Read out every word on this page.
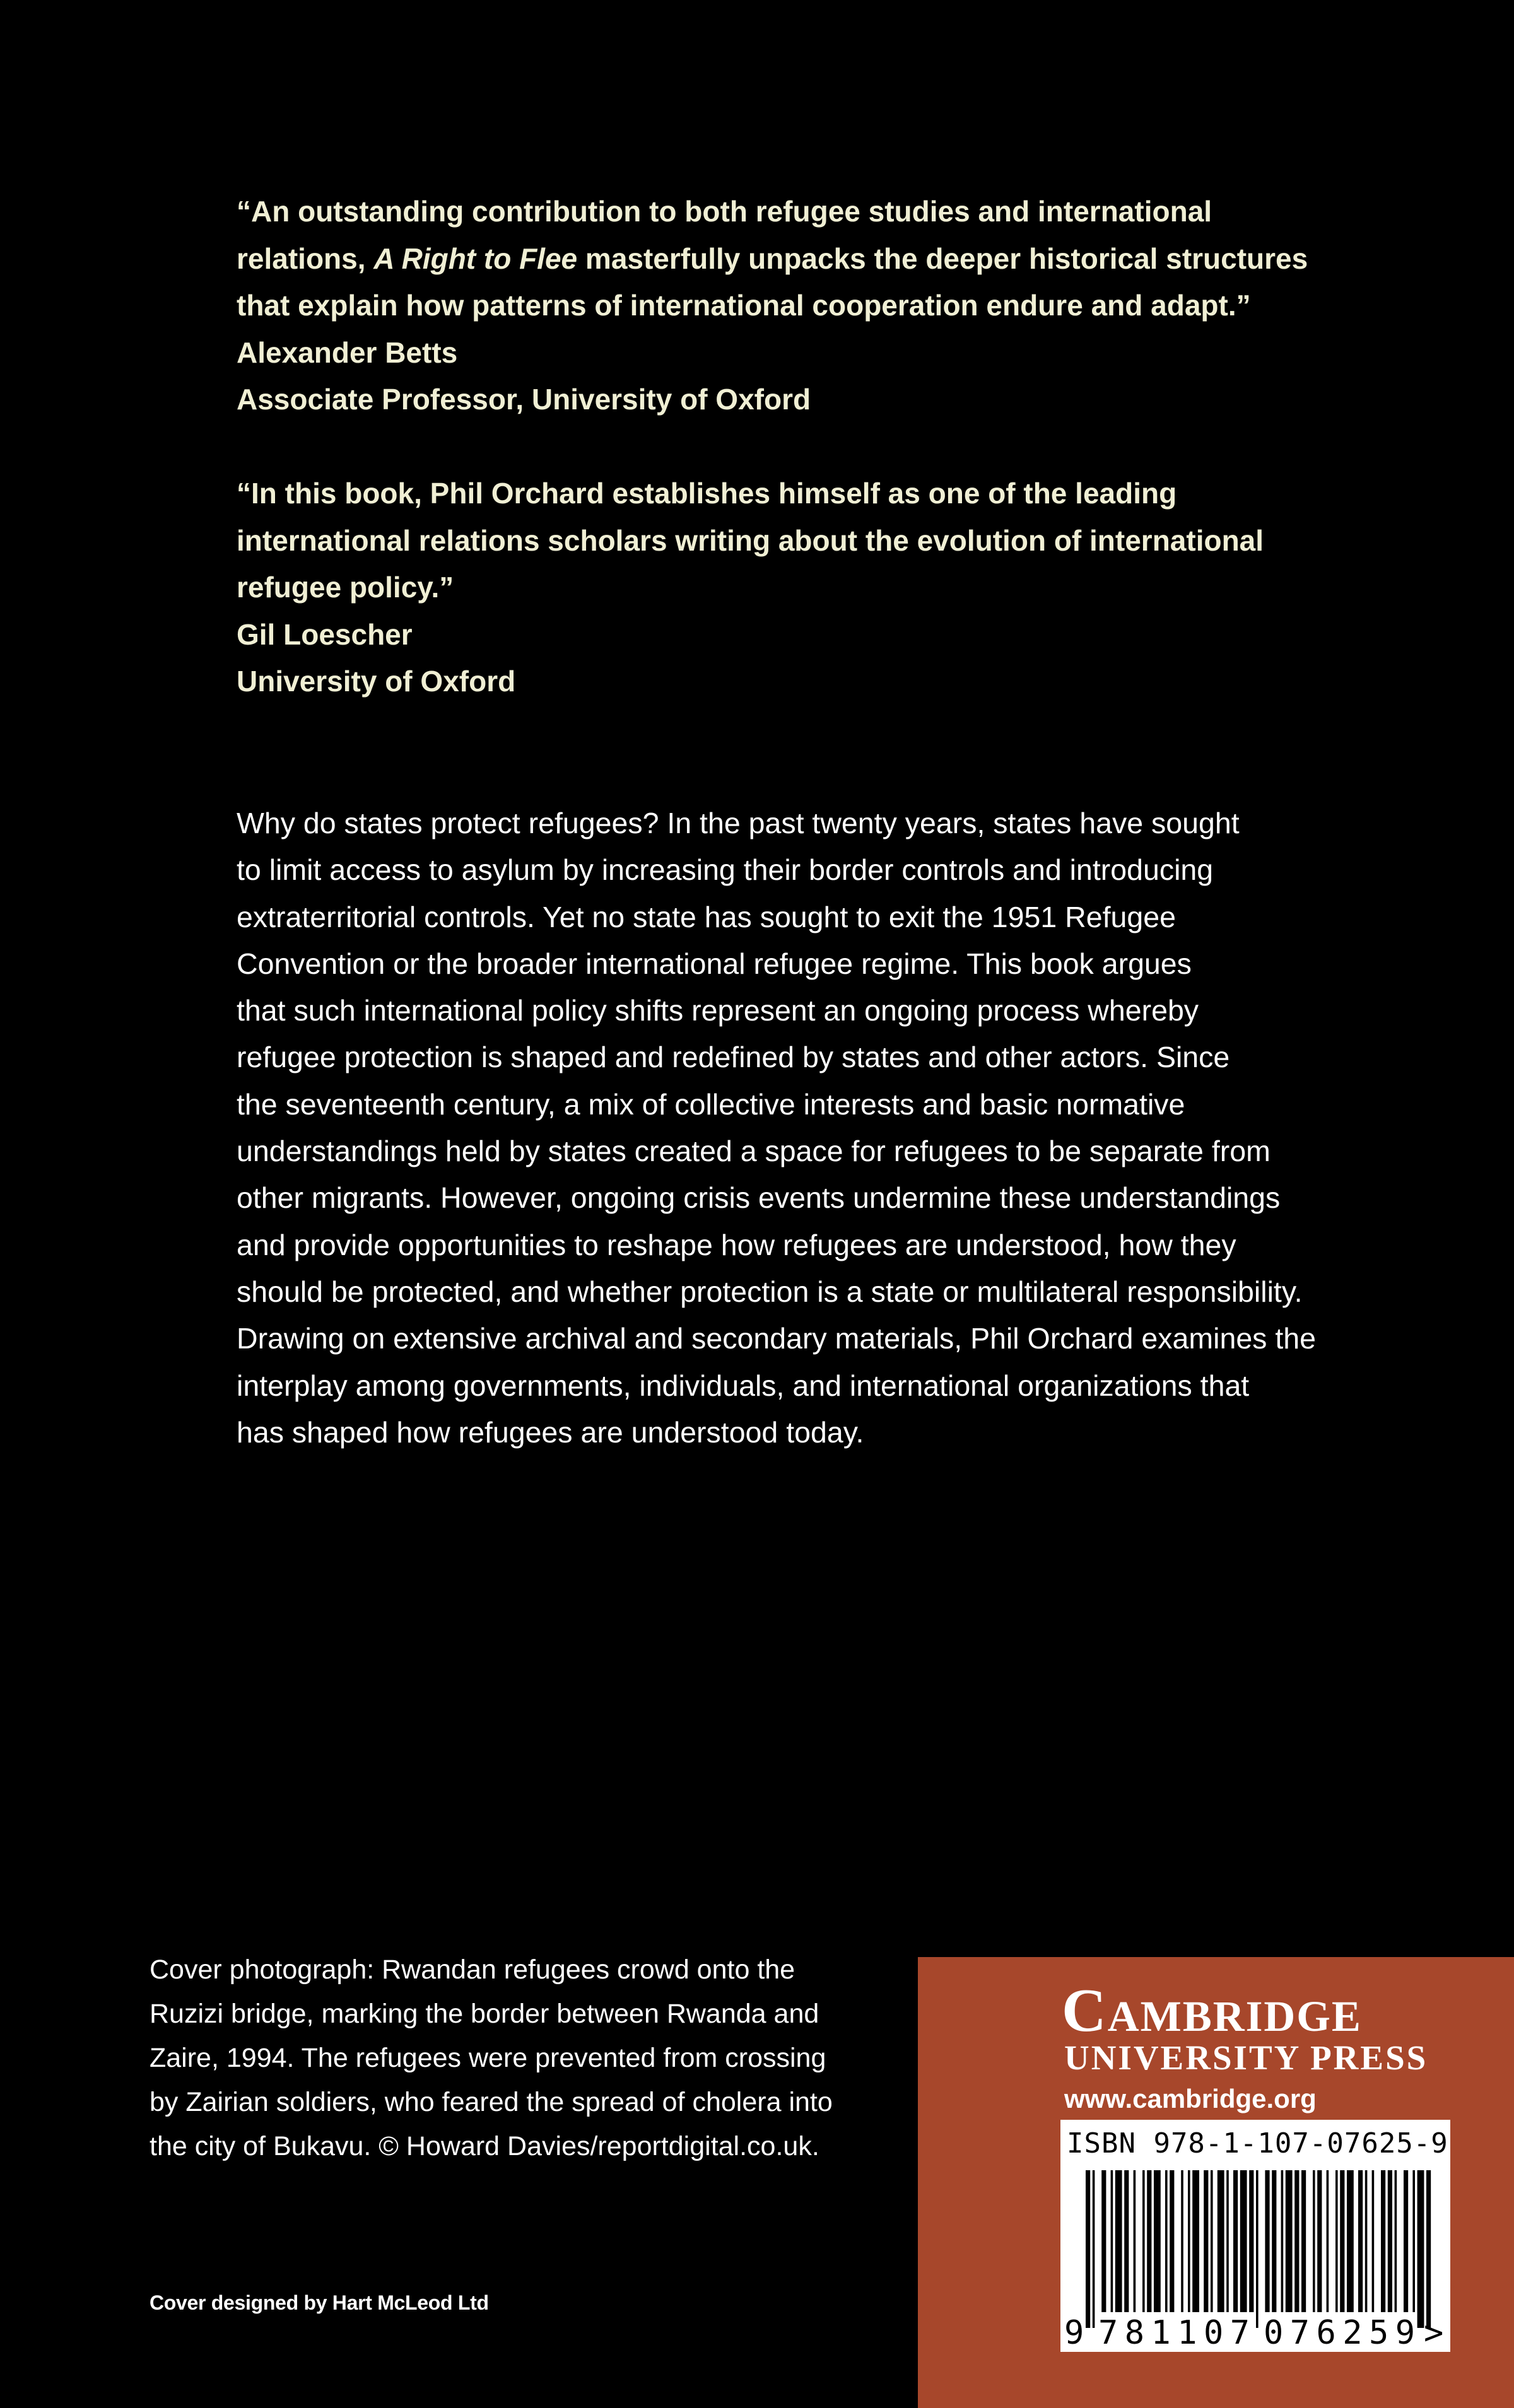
“An outstanding contribution to both refugee studies and international
relations, A Right to Flee masterfully unpacks the deeper historical structures
that explain how patterns of international cooperation endure and adapt.”
Alexander Betts
Associate Professor, University of Oxford
“In this book, Phil Orchard establishes himself as one of the leading
international relations scholars writing about the evolution of international
refugee policy.”
Gil Loescher
University of Oxford
Why do states protect refugees? In the past twenty years, states have sought
to limit access to asylum by increasing their border controls and introducing
extraterritorial controls. Yet no state has sought to exit the 1951 Refugee
Convention or the broader international refugee regime. This book argues
that such international policy shifts represent an ongoing process whereby
refugee protection is shaped and redefined by states and other actors. Since
the seventeenth century, a mix of collective interests and basic normative
understandings held by states created a space for refugees to be separate from
other migrants. However, ongoing crisis events undermine these understandings
and provide opportunities to reshape how refugees are understood, how they
should be protected, and whether protection is a state or multilateral responsibility.
Drawing on extensive archival and secondary materials, Phil Orchard examines the
interplay among governments, individuals, and international organizations that
has shaped how refugees are understood today.
Cover photograph: Rwandan refugees crowd onto the
Ruzizi bridge, marking the border between Rwanda and
Zaire, 1994. The refugees were prevented from crossing
by Zairian soldiers, who feared the spread of cholera into
the city of Bukavu. © Howard Davies/reportdigital.co.uk.
Cover designed by Hart McLeod Ltd
Cambridge
UNIVERSITY PRESS
www.cambridge.org
ISBN 978-1-107-07625-9
9 781107 076259 >
